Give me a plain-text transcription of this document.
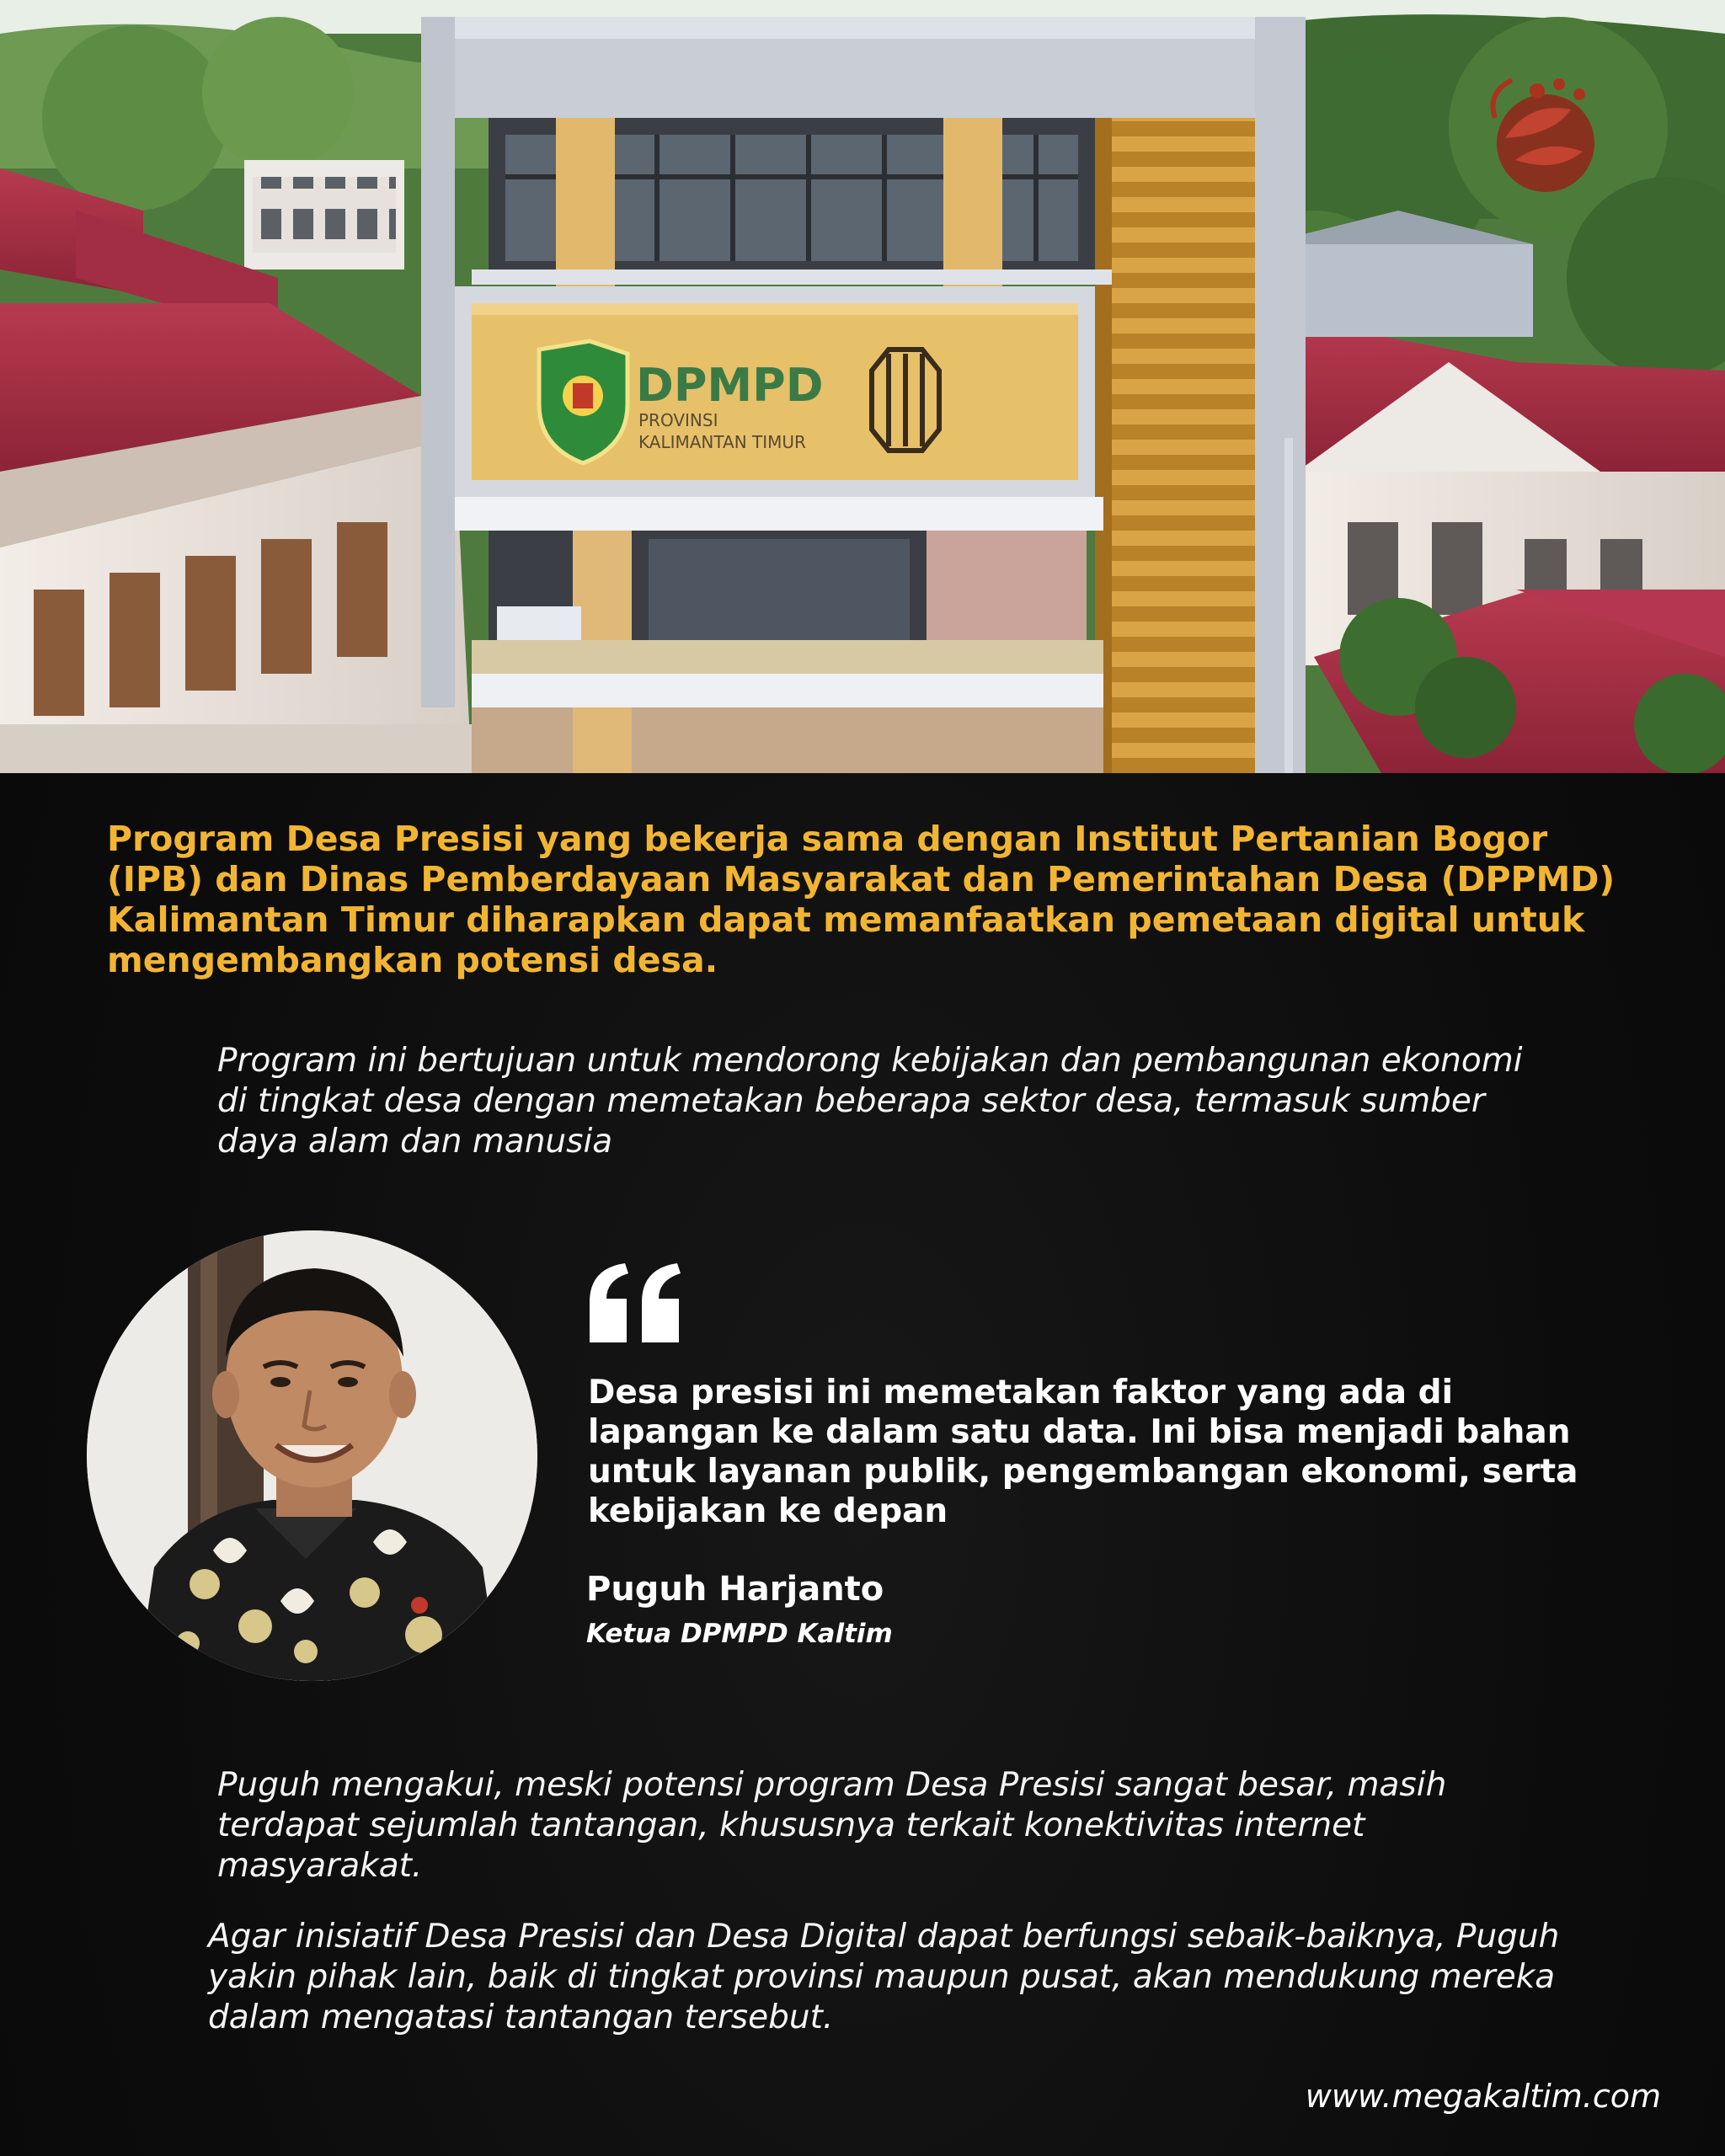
DPMPD
PROVINSI
KALIMANTAN TIMUR

Program Desa Presisi yang bekerja sama dengan Institut Pertanian Bogor (IPB) dan Dinas Pemberdayaan Masyarakat dan Pemerintahan Desa (DPPMD) Kalimantan Timur diharapkan dapat memanfaatkan pemetaan digital untuk mengembangkan potensi desa.

Program ini bertujuan untuk mendorong kebijakan dan pembangunan ekonomi di tingkat desa dengan memetakan beberapa sektor desa, termasuk sumber daya alam dan manusia

Desa presisi ini memetakan faktor yang ada di lapangan ke dalam satu data. Ini bisa menjadi bahan untuk layanan publik, pengembangan ekonomi, serta kebijakan ke depan

Puguh Harjanto

Ketua DPMPD Kaltim

Puguh mengakui, meski potensi program Desa Presisi sangat besar, masih terdapat sejumlah tantangan, khususnya terkait konektivitas internet masyarakat.

Agar inisiatif Desa Presisi dan Desa Digital dapat berfungsi sebaik-baiknya, Puguh yakin pihak lain, baik di tingkat provinsi maupun pusat, akan mendukung mereka dalam mengatasi tantangan tersebut.

www.megakaltim.com
